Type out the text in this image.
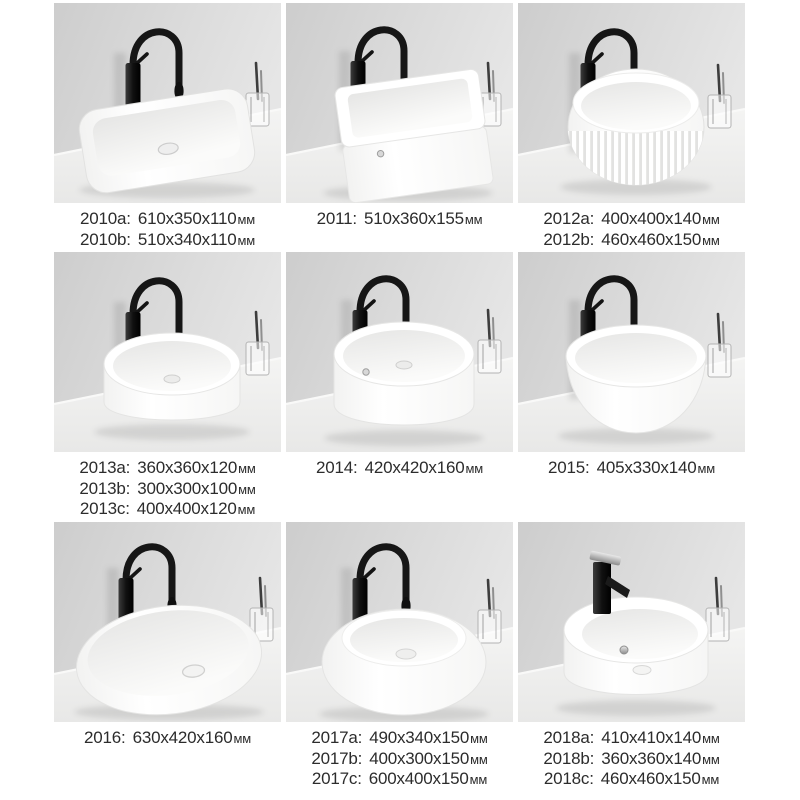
2010a: 610x350x110 мм
2010b: 510x340x110 мм
2011: 510x360x155 мм	2012a: 400x400x140 мм
2012b: 460x460x150 мм
2013a: 360x360x120 мм
2013b: 300x300x100 мм
2013c: 400x400x120 мм
2014: 420x420x160 мм	2015: 405x330x140 мм
2016: 630x420x160 мм	2017a: 490x340x150 мм
2017b: 400x300x150 мм
2017c: 600x400x150 мм
2018a: 410x410x140 мм
2018b: 360x360x140 мм
2018c: 460x460x150 мм
